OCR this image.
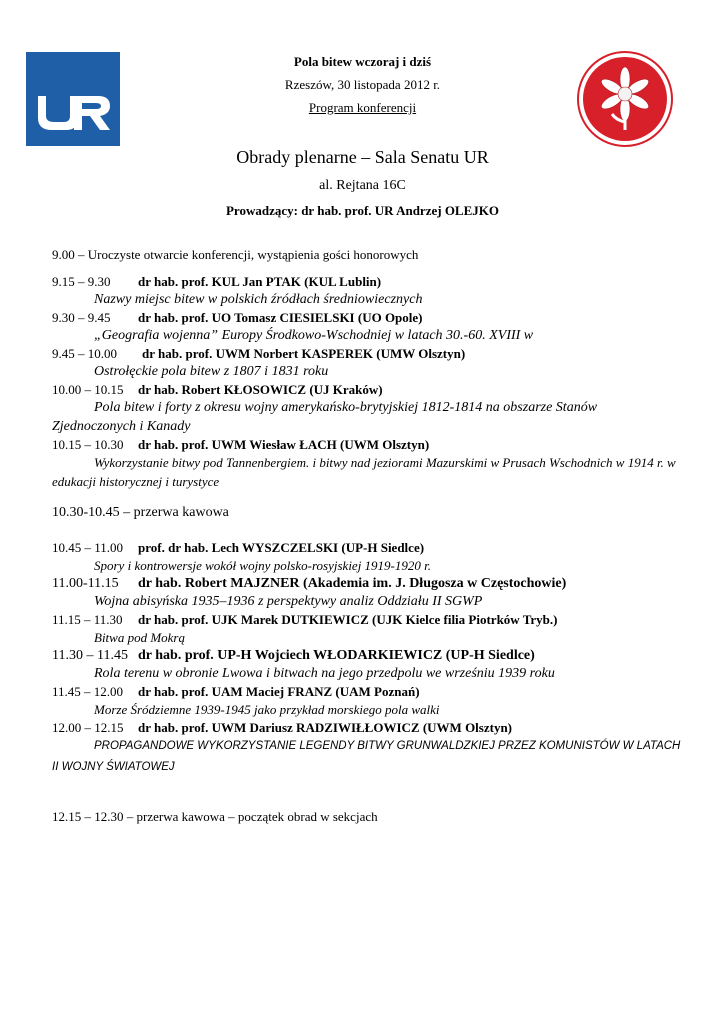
Pola bitew wczoraj i dziś
Rzeszów, 30 listopada 2012 r.
Program konferencji
Obrady plenarne – Sala Senatu UR
al. Rejtana 16C
Prowadzący: dr hab. prof. UR Andrzej OLEJKO
9.00 – Uroczyste otwarcie konferencji, wystąpienia gości honorowych
9.15 – 9.30 dr hab. prof. KUL Jan PTAK (KUL Lublin)
Nazwy miejsc bitew w polskich źródłach średniowiecznych
9.30 – 9.45 dr hab. prof. UO Tomasz CIESIELSKI (UO Opole)
„Geografia wojenna” Europy Środkowo-Wschodniej w latach 30.-60. XVIII w
9.45 – 10.00 dr hab. prof. UWM Norbert KASPEREK (UMW Olsztyn)
Ostrołęckie pola bitew z 1807 i 1831 roku
10.00 – 10.15 dr hab. Robert KŁOSOWICZ (UJ Kraków)
Pola bitew i forty z okresu wojny amerykańsko-brytyjskiej 1812-1814 na obszarze Stanów Zjednoczonych i Kanady
10.15 – 10.30 dr hab. prof. UWM Wiesław ŁACH (UWM Olsztyn)
Wykorzystanie bitwy pod Tannenbergiem. i bitwy nad jeziorami Mazurskimi w Prusach Wschodnich w 1914 r. w edukacji historycznej i turystyce
10.30-10.45 – przerwa kawowa
10.45 – 11.00 prof. dr hab. Lech WYSZCZELSKI (UP-H Siedlce)
Spory i kontrowersje wokół wojny polsko-rosyjskiej 1919-1920 r.
11.00-11.15 dr hab. Robert MAJZNER (Akademia im. J. Długosza w Częstochowie)
Wojna abisyńska 1935–1936 z perspektywy analiz Oddziału II SGWP
11.15 – 11.30 dr hab. prof. UJK Marek DUTKIEWICZ (UJK Kielce filia Piotrków Tryb.)
Bitwa pod Mokrą
11.30 – 11.45 dr hab. prof. UP-H Wojciech WŁODARKIEWICZ (UP-H Siedlce)
Rola terenu w obronie Lwowa i bitwach na jego przedpolu we wrześniu 1939 roku
11.45 – 12.00 dr hab. prof. UAM Maciej FRANZ (UAM Poznań)
Morze Śródziemne 1939-1945 jako przykład morskiego pola walki
12.00 – 12.15 dr hab. prof. UWM Dariusz RADZIWIŁŁOWICZ (UWM Olsztyn)
PROPAGANDOWE WYKORZYSTANIE LEGENDY BITWY GRUNWALDZKIEJ PRZEZ KOMUNISTÓW W LATACH II WOJNY ŚWIATOWEJ
12.15 – 12.30 – przerwa kawowa – początek obrad w sekcjach
